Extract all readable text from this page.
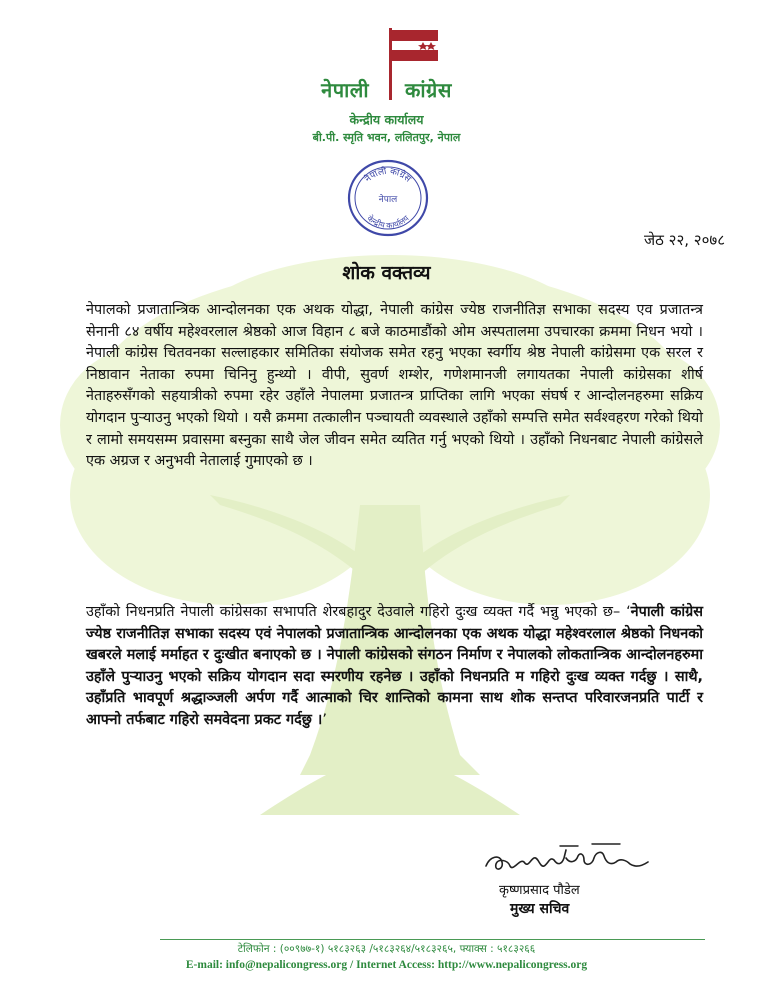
नेपाली कांग्रेस
केन्द्रीय कार्यालय
बी.पी. स्मृति भवन, ललितपुर, नेपाल
नेपाली कांग्रेस
नेपाल
केन्द्रीय कार्यालय
जेठ २२, २०७८
शोक वक्तव्य
नेपालको प्रजातान्त्रिक आन्दोलनका एक अथक योद्धा, नेपाली कांग्रेस ज्येष्ठ राजनीतिज्ञ सभाका सदस्य एव प्रजातन्त्र सेनानी ८४ वर्षीय महेश्वरलाल श्रेष्ठको आज विहान ८ बजे काठमाडौंको ओम अस्पतालमा उपचारका क्रममा निधन भयो । नेपाली कांग्रेस चितवनका सल्लाहकार समितिका संयोजक समेत रहनु भएका स्वर्गीय श्रेष्ठ नेपाली कांग्रेसमा एक सरल र निष्ठावान नेताका रुपमा चिनिनु हुन्थ्यो । वीपी, सुवर्ण शम्शेर, गणेशमानजी लगायतका नेपाली कांग्रेसका शीर्ष नेताहरुसँगको सहयात्रीको रुपमा रहेर उहाँले नेपालमा प्रजातन्त्र प्राप्तिका लागि भएका संघर्ष र आन्दोलनहरुमा सक्रिय योगदान पुऱ्याउनु भएको थियो । यसै क्रममा तत्कालीन पञ्चायती व्यवस्थाले उहाँको सम्पत्ति समेत सर्वश्वहरण गरेको थियो र लामो समयसम्म प्रवासमा बस्नुका साथै जेल जीवन समेत व्यतित गर्नु भएको थियो । उहाँको निधनबाट नेपाली कांग्रेसले एक अग्रज र अनुभवी नेतालाई गुमाएको छ ।
उहाँको निधनप्रति नेपाली कांग्रेसका सभापति शेरबहादुर देउवाले गहिरो दुःख व्यक्त गर्दै भन्नु भएको छ– ‘नेपाली कांग्रेस ज्येष्ठ राजनीतिज्ञ सभाका सदस्य एवं नेपालको प्रजातान्त्रिक आन्दोलनका एक अथक योद्धा महेश्वरलाल श्रेष्ठको निधनको खबरले मलाई मर्माहत र दुःखीत बनाएको छ । नेपाली कांग्रेसको संगठन निर्माण र नेपालको लोकतान्त्रिक आन्दोलनहरुमा उहाँले पुऱ्याउनु भएको सक्रिय योगदान सदा स्मरणीय रहनेछ । उहाँको निधनप्रति म गहिरो दुःख व्यक्त गर्दछु । साथै, उहाँप्रति भावपूर्ण श्रद्धाञ्जली अर्पण गर्दै आत्माको चिर शान्तिको कामना साथ शोक सन्तप्त परिवारजनप्रति पार्टी र आफ्नो तर्फबाट गहिरो समवेदना प्रकट गर्दछु ।’
कृष्णप्रसाद पौडेल
मुख्य सचिव
टेलिफोन : (००९७७-१) ५१८३२६३ /५१८३२६४/५१८३२६५, फ्याक्स : ५१८३२६६
E-mail: info@nepalicongress.org / Internet Access: http://www.nepalicongress.org
